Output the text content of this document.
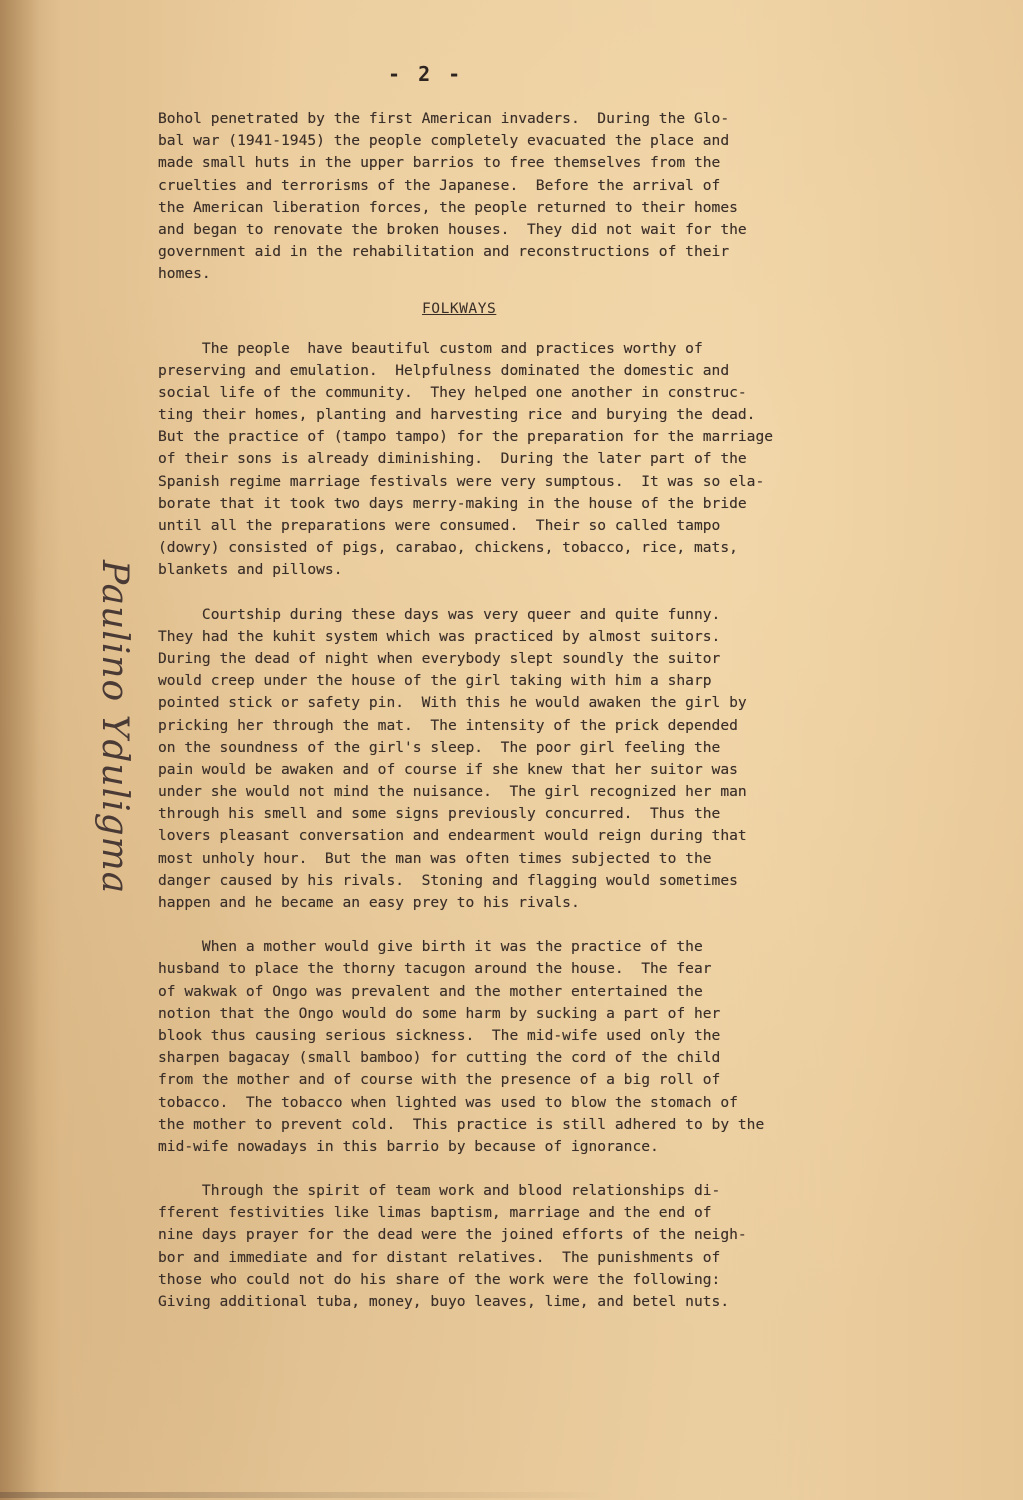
- 2 -
Paulino Yduligma
Bohol penetrated by the first American invaders.  During the Glo-
bal war (1941-1945) the people completely evacuated the place and
made small huts in the upper barrios to free themselves from the
cruelties and terrorisms of the Japanese.  Before the arrival of
the American liberation forces, the people returned to their homes
and began to renovate the broken houses.  They did not wait for the
government aid in the rehabilitation and reconstructions of their
homes.
FOLKWAYS
The people  have beautiful custom and practices worthy of
preserving and emulation.  Helpfulness dominated the domestic and
social life of the community.  They helped one another in construc-
ting their homes, planting and harvesting rice and burying the dead.
But the practice of (tampo tampo) for the preparation for the marriage
of their sons is already diminishing.  During the later part of the
Spanish regime marriage festivals were very sumptous.  It was so ela-
borate that it took two days merry-making in the house of the bride
until all the preparations were consumed.  Their so called tampo
(dowry) consisted of pigs, carabao, chickens, tobacco, rice, mats,
blankets and pillows.
Courtship during these days was very queer and quite funny.
They had the kuhit system which was practiced by almost suitors.
During the dead of night when everybody slept soundly the suitor
would creep under the house of the girl taking with him a sharp
pointed stick or safety pin.  With this he would awaken the girl by
pricking her through the mat.  The intensity of the prick depended
on the soundness of the girl's sleep.  The poor girl feeling the
pain would be awaken and of course if she knew that her suitor was
under she would not mind the nuisance.  The girl recognized her man
through his smell and some signs previously concurred.  Thus the
lovers pleasant conversation and endearment would reign during that
most unholy hour.  But the man was often times subjected to the
danger caused by his rivals.  Stoning and flagging would sometimes
happen and he became an easy prey to his rivals.
When a mother would give birth it was the practice of the
husband to place the thorny tacugon around the house.  The fear
of wakwak of Ongo was prevalent and the mother entertained the
notion that the Ongo would do some harm by sucking a part of her
blook thus causing serious sickness.  The mid-wife used only the
sharpen bagacay (small bamboo) for cutting the cord of the child
from the mother and of course with the presence of a big roll of
tobacco.  The tobacco when lighted was used to blow the stomach of
the mother to prevent cold.  This practice is still adhered to by the
mid-wife nowadays in this barrio by because of ignorance.
Through the spirit of team work and blood relationships di-
fferent festivities like limas baptism, marriage and the end of
nine days prayer for the dead were the joined efforts of the neigh-
bor and immediate and for distant relatives.  The punishments of
those who could not do his share of the work were the following:
Giving additional tuba, money, buyo leaves, lime, and betel nuts.
